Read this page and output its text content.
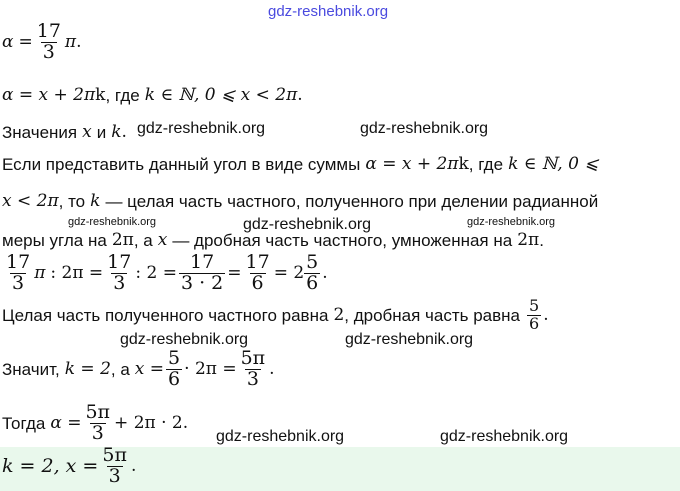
gdz-reshebnik.org
gdz-reshebnik.org	gdz-reshebnik.org
gdz-reshebnik.org	gdz-reshebnik.org	gdz-reshebnik.org
gdz-reshebnik.org	gdz-reshebnik.org
gdz-reshebnik.org	gdz-reshebnik.org
$\alpha = \frac{17}{3}$ π .
α = x + 2π k , где k ∈ ℕ, 0 ⩽ x < 2π .
Значения x и k .
Если представить данный угол в виде суммы α = x + 2π k , где k ∈ ℕ, 0 ⩽
x < 2π , то k — целая часть частного, полученного при делении радианной
меры угла на 2π , а x — дробная часть частного, умноженная на 2π .
$\frac{17}{3}$ π : $2\pi = \frac{17}{3}$ : $2 = \frac{17}{3 \cdot 2} = \frac{17}{6} = 2 \frac{5}{6}$ .
Целая часть полученного частного равна 2 , дробная часть равна $\frac{5}{6}$ .
Значит, k = 2 , а $x = \frac{5}{6} \cdot 2\pi = \frac{5\pi}{3}$ .
Тогда $\alpha = \frac{5\pi}{3} + 2\pi \cdot 2$ .
k = 2, $x = \frac{5\pi}{3}$ .
